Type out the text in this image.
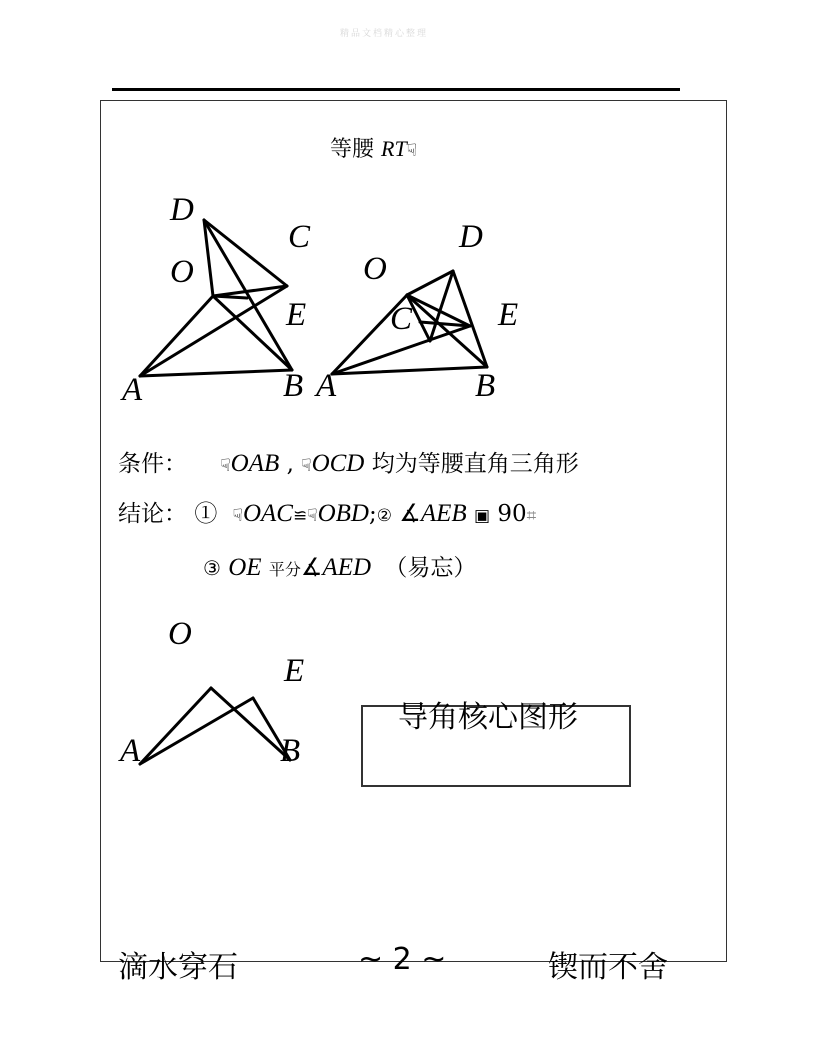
精品文档精心整理
等腰 RT☟
D
C
O
E
A	B
O
D
C	E
A	B
条件： ☟OAB , ☟OCD 均为等腰直角三角形
结论： ① ☟OAC≌☟OBD;② ∡AEB ▣ 90⌗
③ OE 平分∡AED （易忘）
O
E
A	B
导角核心图形
滴水穿石	~ 2 ~	锲而不舍
